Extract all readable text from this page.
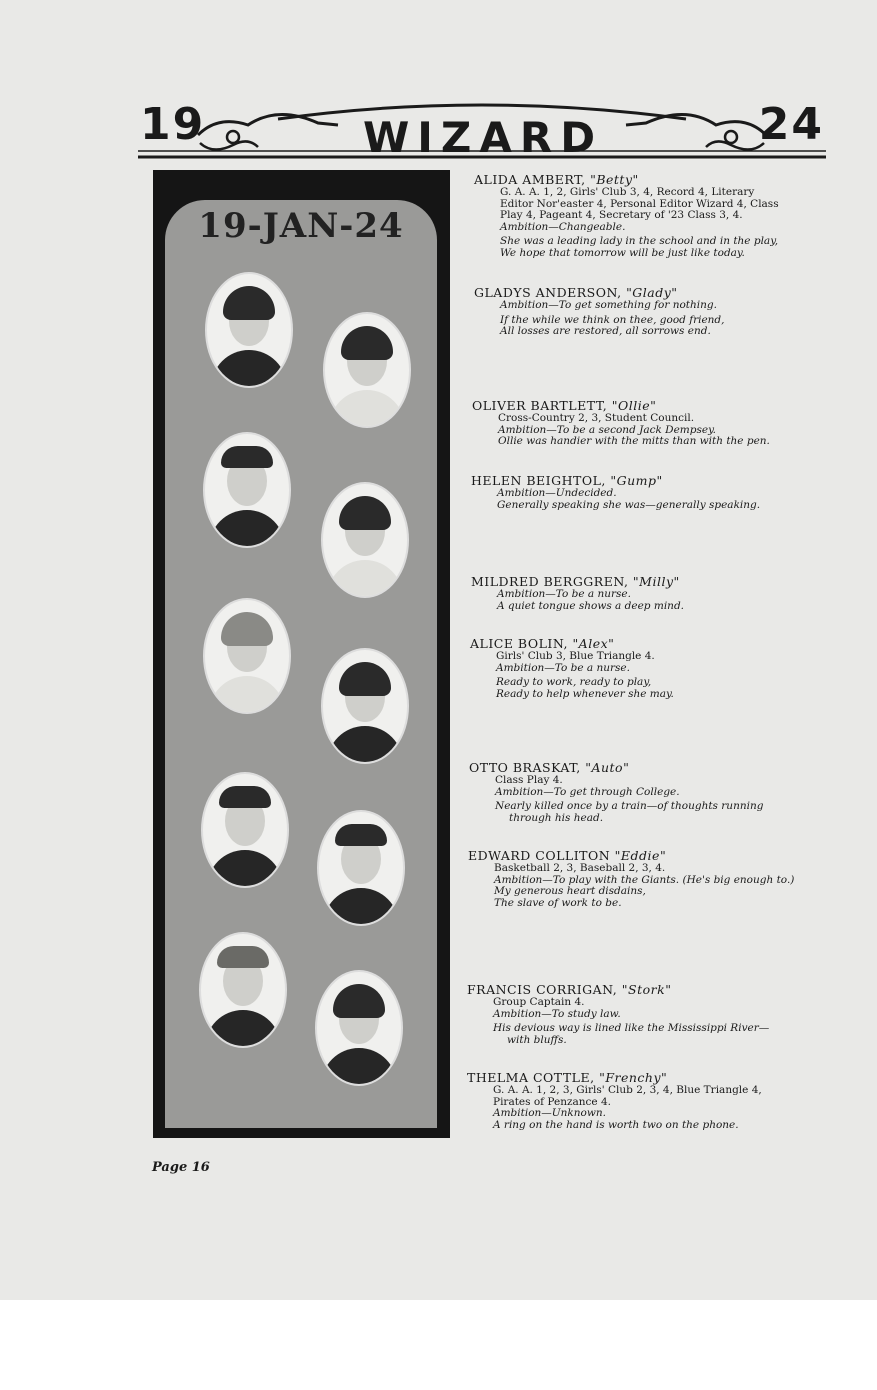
19	WIZARD	24
19-JAN-24
ALIDA AMBERT, "Betty"
G. A. A. 1, 2, Girls' Club 3, 4, Record 4, Literary
Editor Nor'easter 4, Personal Editor Wizard 4, Class
Play 4, Pageant 4, Secretary of '23 Class 3, 4.
Ambition—Changeable.
She was a leading lady in the school and in the play,
We hope that tomorrow will be just like today.
GLADYS ANDERSON, "Glady"
Ambition—To get something for nothing.
If the while we think on thee, good friend,
All losses are restored, all sorrows end.
OLIVER BARTLETT, "Ollie"
Cross-Country 2, 3, Student Council.
Ambition—To be a second Jack Dempsey.
Ollie was handier with the mitts than with the pen.
HELEN BEIGHTOL, "Gump"
Ambition—Undecided.
Generally speaking she was—generally speaking.
MILDRED BERGGREN, "Milly"
Ambition—To be a nurse.
A quiet tongue shows a deep mind.
ALICE BOLIN, "Alex"
Girls' Club 3, Blue Triangle 4.
Ambition—To be a nurse.
Ready to work, ready to play,
Ready to help whenever she may.
OTTO BRASKAT, "Auto"
Class Play 4.
Ambition—To get through College.
Nearly killed once by a train—of thoughts running
through his head.
EDWARD COLLITON "Eddie"
Basketball 2, 3, Baseball 2, 3, 4.
Ambition—To play with the Giants. (He's big enough to.)
My generous heart disdains,
The slave of work to be.
FRANCIS CORRIGAN, "Stork"
Group Captain 4.
Ambition—To study law.
His devious way is lined like the Mississippi River—
with bluffs.
THELMA COTTLE, "Frenchy"
G. A. A. 1, 2, 3, Girls' Club 2, 3, 4, Blue Triangle 4,
Pirates of Penzance 4.
Ambition—Unknown.
A ring on the hand is worth two on the phone.
Page 16
